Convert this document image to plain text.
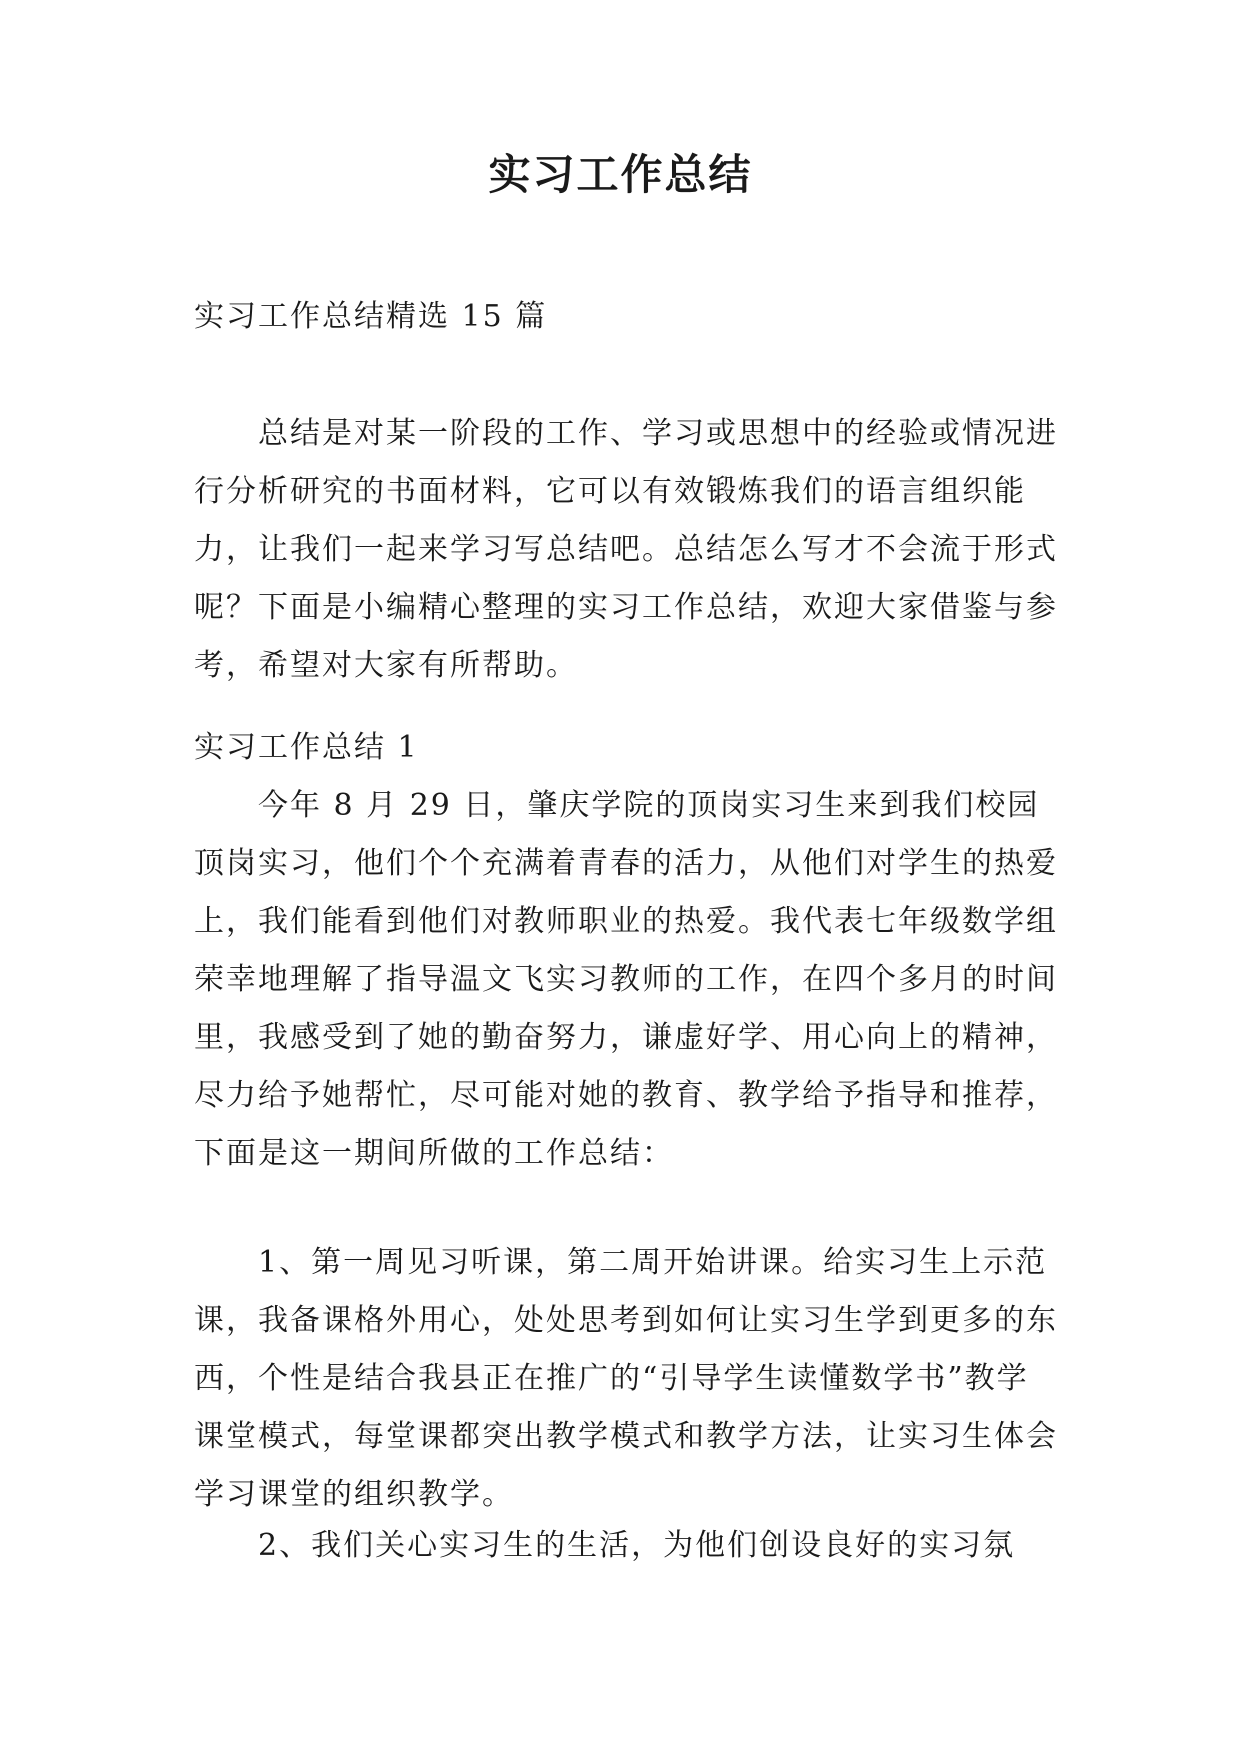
实习工作总结

实习工作总结精选 15 篇

总结是对某一阶段的工作、学习或思想中的经验或情况进行分析研究的书面材料，它可以有效锻炼我们的语言组织能力，让我们一起来学习写总结吧。总结怎么写才不会流于形式呢？下面是小编精心整理的实习工作总结，欢迎大家借鉴与参考，希望对大家有所帮助。

实习工作总结 1

今年 8 月 29 日，肇庆学院的顶岗实习生来到我们校园顶岗实习，他们个个充满着青春的活力，从他们对学生的热爱上，我们能看到他们对教师职业的热爱。我代表七年级数学组荣幸地理解了指导温文飞实习教师的工作，在四个多月的时间里，我感受到了她的勤奋努力，谦虚好学、用心向上的精神，尽力给予她帮忙，尽可能对她的教育、教学给予指导和推荐，下面是这一期间所做的工作总结：

1、第一周见习听课，第二周开始讲课。给实习生上示范课，我备课格外用心，处处思考到如何让实习生学到更多的东西，个性是结合我县正在推广的“引导学生读懂数学书”教学课堂模式，每堂课都突出教学模式和教学方法，让实习生体会学习课堂的组织教学。

2、我们关心实习生的生活，为他们创设良好的实习氛
